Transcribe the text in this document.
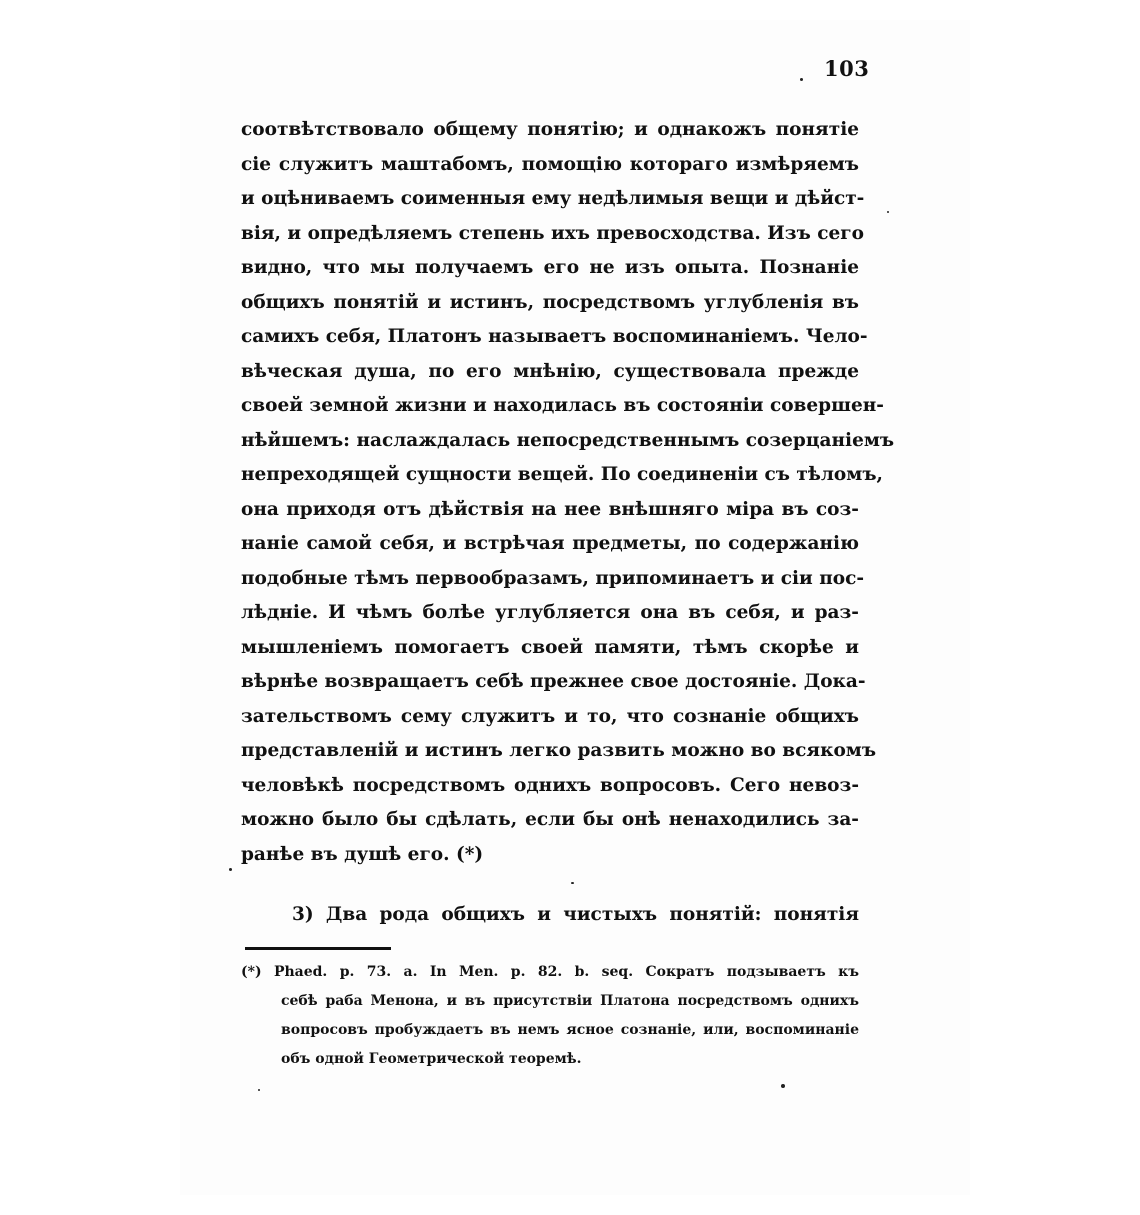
103
соотвѣтствовало общему понятію; и однакожъ понятіе
сіе служитъ маштабомъ, помощію котораго измѣряемъ
и оцѣниваемъ соименныя ему недѣлимыя вещи и дѣйст-
вія, и опредѣляемъ степень ихъ превосходства. Изъ сего
видно, что мы получаемъ его не изъ опыта. Познаніе
общихъ понятій и истинъ, посредствомъ углубленія въ
самихъ себя, Платонъ называетъ воспоминаніемъ. Чело-
вѣческая душа, по его мнѣнію, существовала прежде
своей земной жизни и находилась въ состояніи совершен-
нѣйшемъ: наслаждалась непосредственнымъ созерцаніемъ
непреходящей сущности вещей. По соединеніи съ тѣломъ,
она приходя отъ дѣйствія на нее внѣшняго міра въ соз-
наніе самой себя, и встрѣчая предметы, по содержанію
подобные тѣмъ первообразамъ, припоминаетъ и сіи пос-
лѣдніе. И чѣмъ болѣе углубляется она въ себя, и раз-
мышленіемъ помогаетъ своей памяти, тѣмъ скорѣе и
вѣрнѣе возвращаетъ себѣ прежнее свое достояніе. Дока-
зательствомъ сему служитъ и то, что сознаніе общихъ
представленій и истинъ легко развить можно во всякомъ
человѣкѣ посредствомъ однихъ вопросовъ. Сего невоз-
можно было бы сдѣлать, если бы онѣ ненаходились за-
ранѣе въ душѣ его. (*)
3) Два рода общихъ и чистыхъ понятій: понятія
(*) Phaed. p. 73. a. In Men. p. 82. b. seq. Сократъ подзываетъ къ
себѣ раба Менона, и въ присутствіи Платона посредствомъ однихъ
вопросовъ пробуждаетъ въ немъ ясное сознаніе, или, воспоминаніе
объ одной Геометрической теоремѣ.
